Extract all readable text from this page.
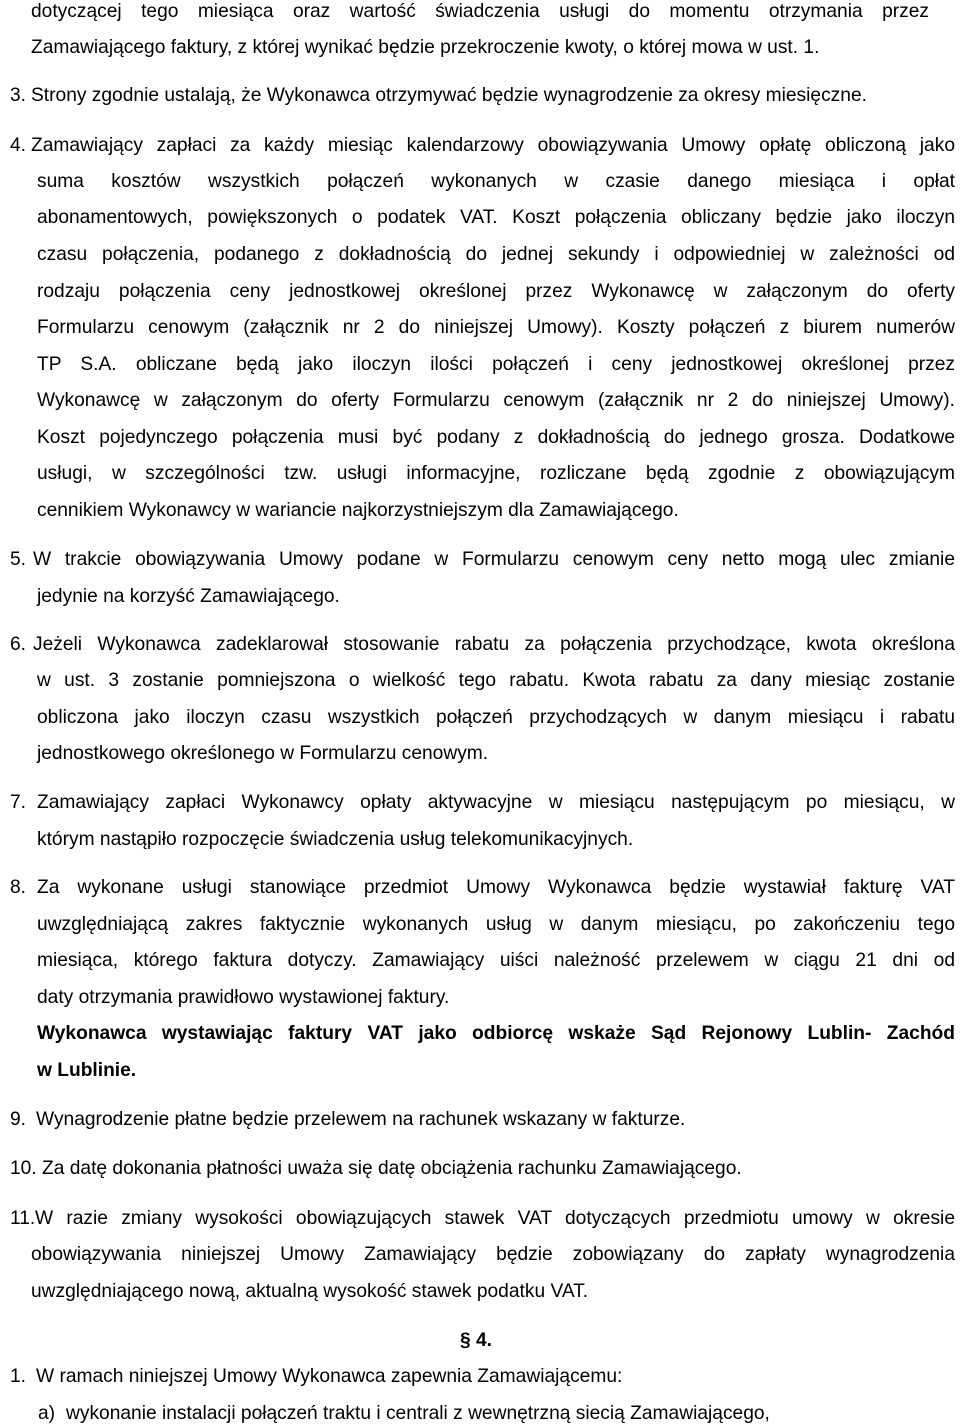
dotyczącej tego miesiąca oraz wartość świadczenia usługi do momentu otrzymania przez
Zamawiającego faktury, z której wynikać będzie przekroczenie kwoty, o której mowa w ust. 1.
3. Strony zgodnie ustalają, że Wykonawca otrzymywać będzie wynagrodzenie za okresy miesięczne.
4. Zamawiający zapłaci za każdy miesiąc kalendarzowy obowiązywania Umowy opłatę obliczoną jako
suma kosztów wszystkich połączeń wykonanych w czasie danego miesiąca i opłat
abonamentowych, powiększonych o podatek VAT. Koszt połączenia obliczany będzie jako iloczyn
czasu połączenia, podanego z dokładnością do jednej sekundy i odpowiedniej w zależności od
rodzaju połączenia ceny jednostkowej określonej przez Wykonawcę w załączonym do oferty
Formularzu cenowym (załącznik nr 2 do niniejszej Umowy). Koszty połączeń z biurem numerów
TP S.A. obliczane będą jako iloczyn ilości połączeń i ceny jednostkowej określonej przez
Wykonawcę w załączonym do oferty Formularzu cenowym (załącznik nr 2 do niniejszej Umowy).
Koszt pojedynczego połączenia musi być podany z dokładnością do jednego grosza. Dodatkowe
usługi, w szczególności tzw. usługi informacyjne, rozliczane będą zgodnie z obowiązującym
cennikiem Wykonawcy w wariancie najkorzystniejszym dla Zamawiającego.
5. W trakcie obowiązywania Umowy podane w Formularzu cenowym ceny netto mogą ulec zmianie
jedynie na korzyść Zamawiającego.
6. Jeżeli Wykonawca zadeklarował stosowanie rabatu za połączenia przychodzące, kwota określona
w ust. 3 zostanie pomniejszona o wielkość tego rabatu. Kwota rabatu za dany miesiąc zostanie
obliczona jako iloczyn czasu wszystkich połączeń przychodzących w danym miesiącu i rabatu
jednostkowego określonego w Formularzu cenowym.
7. Zamawiający zapłaci Wykonawcy opłaty aktywacyjne w miesiącu następującym po miesiącu, w
którym nastąpiło rozpoczęcie świadczenia usług telekomunikacyjnych.
8. Za wykonane usługi stanowiące przedmiot Umowy Wykonawca będzie wystawiał fakturę VAT
uwzględniającą zakres faktycznie wykonanych usług w danym miesiącu, po zakończeniu tego
miesiąca, którego faktura dotyczy. Zamawiający uiści należność przelewem w ciągu 21 dni od
daty otrzymania prawidłowo wystawionej faktury.
Wykonawca wystawiając faktury VAT jako odbiorcę wskaże Sąd Rejonowy Lublin- Zachód
w Lublinie.
9. Wynagrodzenie płatne będzie przelewem na rachunek wskazany w fakturze.
10. Za datę dokonania płatności uważa się datę obciążenia rachunku Zamawiającego.
11. W razie zmiany wysokości obowiązujących stawek VAT dotyczących przedmiotu umowy w okresie
obowiązywania niniejszej Umowy Zamawiający będzie zobowiązany do zapłaty wynagrodzenia
uwzględniającego nową, aktualną wysokość stawek podatku VAT.
§ 4.
1. W ramach niniejszej Umowy Wykonawca zapewnia Zamawiającemu:
a) wykonanie instalacji połączeń traktu i centrali z wewnętrzną siecią Zamawiającego,
